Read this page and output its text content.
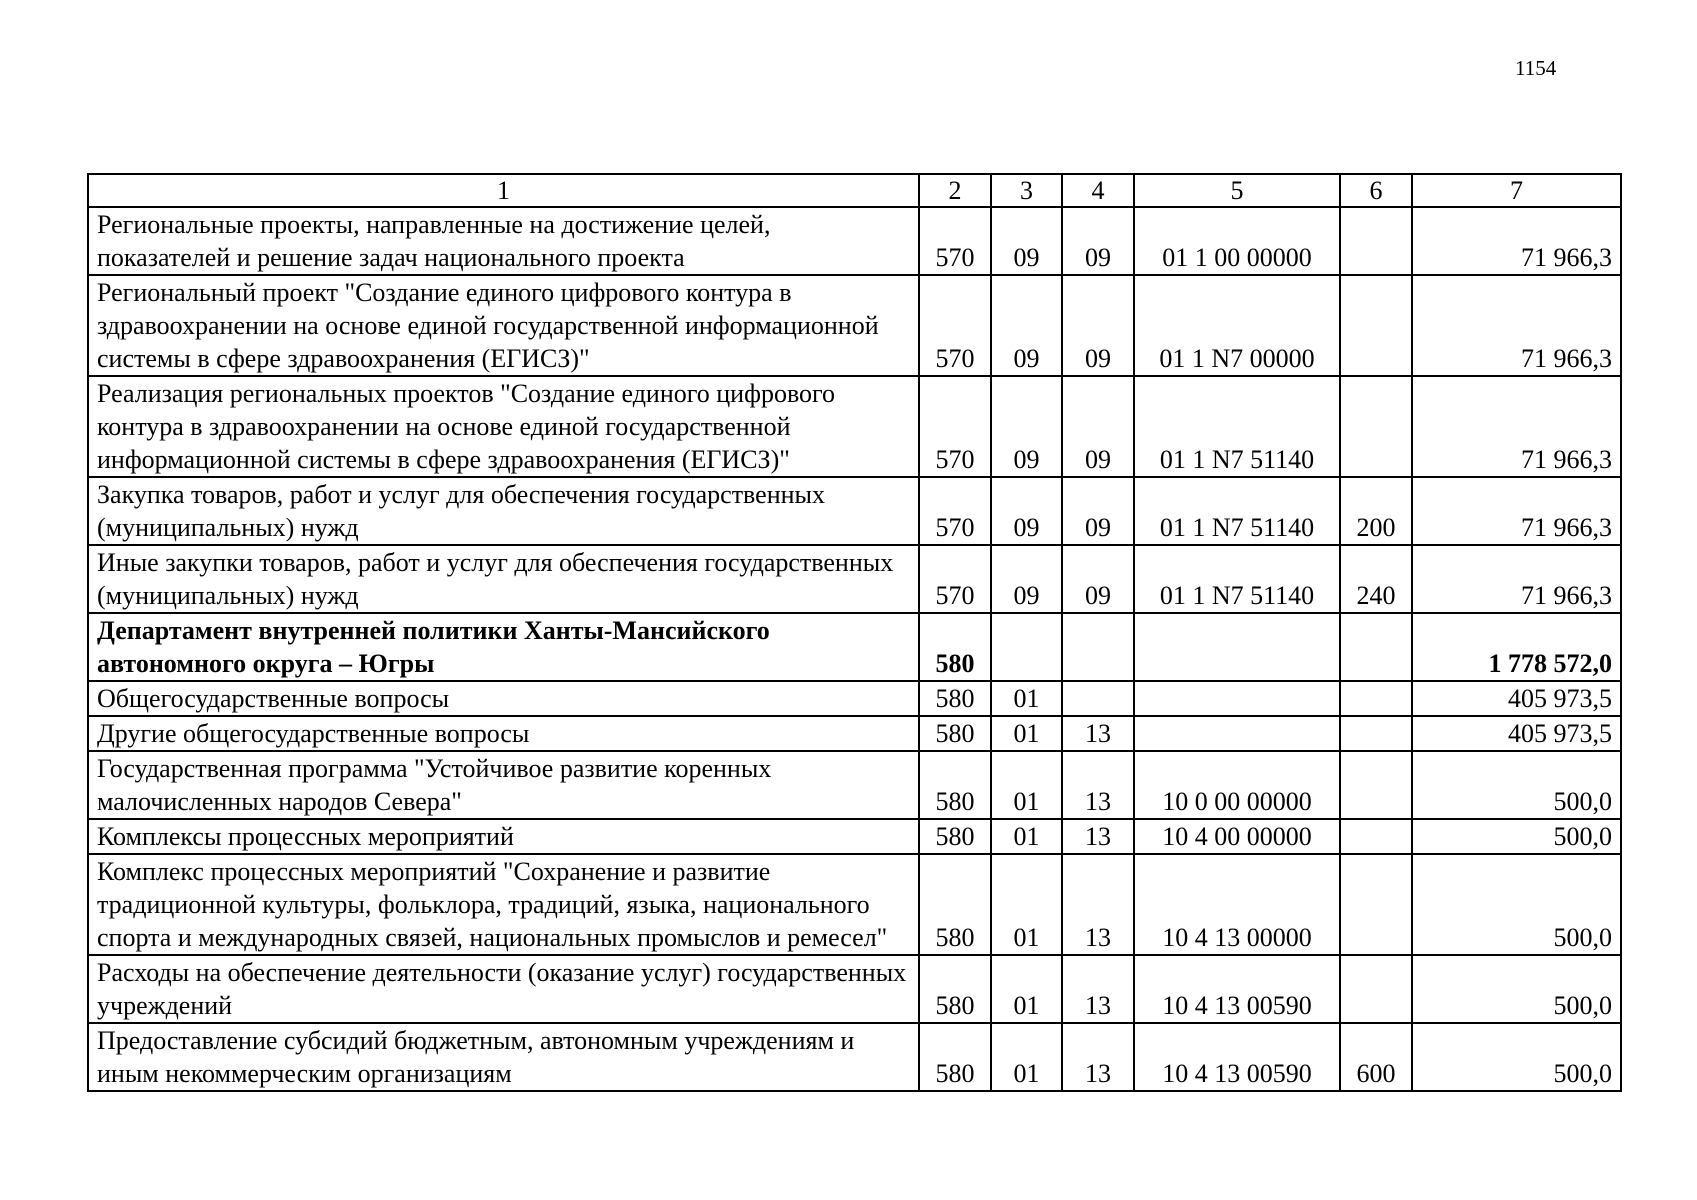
1154
1	2	3	4	5	6	7
Региональные проекты, направленные на достижение целей, показателей и решение задач национального проекта	570	09	09	01 1 00 00000		71 966,3
Региональный проект "Создание единого цифрового контура в здравоохранении на основе единой государственной информационной системы в сфере здравоохранения (ЕГИСЗ)"	570	09	09	01 1 N7 00000		71 966,3
Реализация региональных проектов "Создание единого цифрового контура в здравоохранении на основе единой государственной информационной системы в сфере здравоохранения (ЕГИСЗ)"	570	09	09	01 1 N7 51140		71 966,3
Закупка товаров, работ и услуг для обеспечения государственных (муниципальных) нужд	570	09	09	01 1 N7 51140	200	71 966,3
Иные закупки товаров, работ и услуг для обеспечения государственных (муниципальных) нужд	570	09	09	01 1 N7 51140	240	71 966,3
Департамент внутренней политики Ханты-Мансийского автономного округа – Югры	580					1 778 572,0
Общегосударственные вопросы	580	01				405 973,5
Другие общегосударственные вопросы	580	01	13			405 973,5
Государственная программа "Устойчивое развитие коренных малочисленных народов Севера"	580	01	13	10 0 00 00000		500,0
Комплексы процессных мероприятий	580	01	13	10 4 00 00000		500,0
Комплекс процессных мероприятий "Сохранение и развитие традиционной культуры, фольклора, традиций, языка, национального спорта и международных связей, национальных промыслов и ремесел"	580	01	13	10 4 13 00000		500,0
Расходы на обеспечение деятельности (оказание услуг) государственных учреждений	580	01	13	10 4 13 00590		500,0
Предоставление субсидий бюджетным, автономным учреждениям и иным некоммерческим организациям	580	01	13	10 4 13 00590	600	500,0
